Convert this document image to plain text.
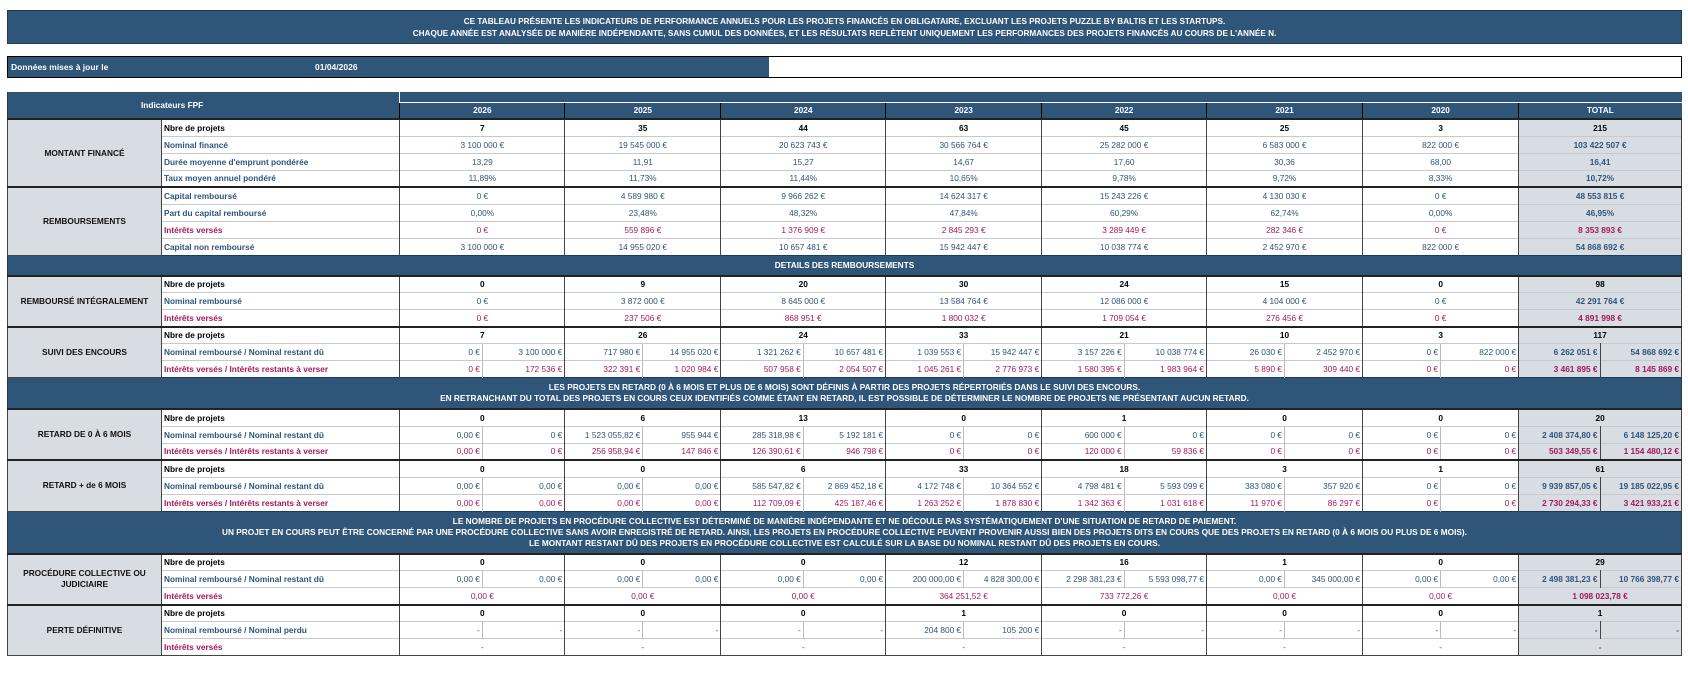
CE TABLEAU PRÉSENTE LES INDICATEURS DE PERFORMANCE ANNUELS POUR LES PROJETS FINANCÉS EN OBLIGATAIRE, EXCLUANT LES PROJETS PUZZLE BY BALTIS ET LES STARTUPS.
CHAQUE ANNÉE EST ANALYSÉE DE MANIÈRE INDÉPENDANTE, SANS CUMUL DES DONNÉES, ET LES RÉSULTATS REFLÈTENT UNIQUEMENT LES PERFORMANCES DES PROJETS FINANCÉS AU COURS DE L'ANNÉE N.
Données mises à jour le	01/04/2026
Indicateurs FPF																	
		2026		2025		2024		2023		2022		2021		2020		TOTAL	
MONTANT FINANCÉ	Nbre de projets	7		35		44		63		45		25		3		215	
	Nominal financé	3 100 000 €		19 545 000 €		20 623 743 €		30 566 764 €		25 282 000 €		6 583 000 €		822 000 €		103 422 507 €	
	Durée moyenne d'emprunt pondérée	13,29		11,91		15,27		14,67		17,60		30,36		68,00		16,41	
	Taux moyen annuel pondéré	11,89%		11,73%		11,44%		10,65%		9,78%		9,72%		8,33%		10,72%	
REMBOURSEMENTS	Capital remboursé	0 €		4 589 980 €		9 966 262 €		14 624 317 €		15 243 226 €		4 130 030 €		0 €		48 553 815 €	
	Part du capital remboursé	0,00%		23,48%		48,32%		47,84%		60,29%		62,74%		0,00%		46,95%	
	Intérêts versés	0 €		559 896 €		1 376 909 €		2 845 293 €		3 289 449 €		282 346 €		0 €		8 353 893 €	
	Capital non remboursé	3 100 000 €		14 955 020 €		10 657 481 €		15 942 447 €		10 038 774 €		2 452 970 €		822 000 €		54 868 692 €	

DETAILS DES REMBOURSEMENTS																	

REMBOURSÉ INTÉGRALEMENT	Nbre de projets	0		9		20		30		24		15		0		98	
	Nominal remboursé	0 €		3 872 000 €		8 645 000 €		13 584 764 €		12 086 000 €		4 104 000 €		0 €		42 291 764 €	
	Intérêts versés	0 €		237 506 €		868 951 €		1 800 032 €		1 709 054 €		276 456 €		0 €		4 891 998 €	
SUIVI DES ENCOURS	Nbre de projets	7		26		24		33		21		10		3		117	
	Nominal remboursé / Nominal restant dû	0 €	3 100 000 €	717 980 €	14 955 020 €	1 321 262 €	10 657 481 €	1 039 553 €	15 942 447 €	3 157 226 €	10 038 774 €	26 030 €	2 452 970 €	0 €	822 000 €	6 262 051 €	54 868 692 €
	Intérêts versés / Intérêts restants à verser	0 €	172 536 €	322 391 €	1 020 984 €	507 958 €	2 054 507 €	1 045 261 €	2 776 973 €	1 580 395 €	1 983 964 €	5 890 €	309 440 €	0 €	0 €	3 461 895 €	8 145 869 €

LES PROJETS EN RETARD (0 À 6 MOIS ET PLUS DE 6 MOIS) SONT DÉFINIS À PARTIR DES PROJETS RÉPERTORIÉS DANS LE SUIVI DES ENCOURS.
EN RETRANCHANT DU TOTAL DES PROJETS EN COURS CEUX IDENTIFIÉS COMME ÉTANT EN RETARD, IL EST POSSIBLE DE DÉTERMINER LE NOMBRE DE PROJETS NE PRÉSENTANT AUCUN RETARD.																	

RETARD DE 0 À 6 MOIS	Nbre de projets	0		6		13		0		1		0		0		20	
	Nominal remboursé / Nominal restant dû	0,00 €	0 €	1 523 055,82 €	955 944 €	285 318,98 €	5 192 181 €	0 €	0 €	600 000 €	0 €	0 €	0 €	0 €	0 €	2 408 374,80 €	6 148 125,20 €
	Intérêts versés / Intérêts restants à verser	0,00 €	0 €	256 958,94 €	147 846 €	126 390,61 €	946 798 €	0 €	0 €	120 000 €	59 836 €	0 €	0 €	0 €	0 €	503 349,55 €	1 154 480,12 €
RETARD + de 6 MOIS	Nbre de projets	0		0		6		33		18		3		1		61	
	Nominal remboursé / Nominal restant dû	0,00 €	0,00 €	0,00 €	0,00 €	585 547,82 €	2 869 452,18 €	4 172 748 €	10 364 552 €	4 798 481 €	5 593 099 €	383 080 €	357 920 €	0 €	0 €	9 939 857,05 €	19 185 022,95 €
	Intérêts versés / Intérêts restants à verser	0,00 €	0,00 €	0,00 €	0,00 €	112 709,09 €	425 187,46 €	1 263 252 €	1 878 830 €	1 342 363 €	1 031 618 €	11 970 €	86 297 €	0 €	0 €	2 730 294,33 €	3 421 933,21 €

LE NOMBRE DE PROJETS EN PROCÉDURE COLLECTIVE EST DÉTERMINÉ DE MANIÈRE INDÉPENDANTE ET NE DÉCOULE PAS SYSTÉMATIQUEMENT D'UNE SITUATION DE RETARD DE PAIEMENT.
UN PROJET EN COURS PEUT ÊTRE CONCERNÉ PAR UNE PROCÉDURE COLLECTIVE SANS AVOIR ENREGISTRÉ DE RETARD. AINSI, LES PROJETS EN PROCÉDURE COLLECTIVE PEUVENT PROVENIR AUSSI BIEN DES PROJETS DITS EN COURS QUE DES PROJETS EN RETARD (0 À 6 MOIS OU PLUS DE 6 MOIS).
LE MONTANT RESTANT DÛ DES PROJETS EN PROCÉDURE COLLECTIVE EST CALCULÉ SUR LA BASE DU NOMINAL RESTANT DÛ DES PROJETS EN COURS.																	

PROCÉDURE COLLECTIVE OU JUDICIAIRE	Nbre de projets	0		0		0		12		16		1		0		29	
	Nominal remboursé / Nominal restant dû	0,00 €	0,00 €	0,00 €	0,00 €	0,00 €	0,00 €	200 000,00 €	4 828 300,00 €	2 298 381,23 €	5 593 098,77 €	0,00 €	345 000,00 €	0,00 €	0,00 €	2 498 381,23 €	10 766 398,77 €
	Intérêts versés	0,00 €		0,00 €		0,00 €		364 251,52 €		733 772,26 €		0,00 €		0,00 €		1 098 023,78 €	
PERTE DÉFINITIVE	Nbre de projets	0		0		0		1		0		0		0		1	
	Nominal remboursé / Nominal perdu	-	-	-	-	-	-	204 800 €	105 200 €	-	-	-	-	-	-	-	-
	Intérêts versés	-		-		-		-		-		-		-		-	
